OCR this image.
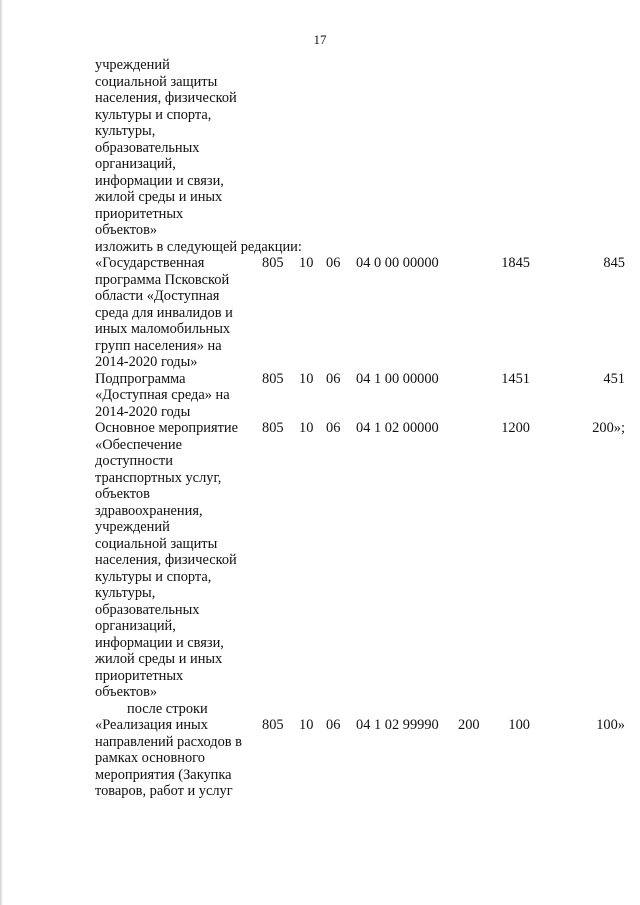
17
учреждений
социальной защиты
населения, физической
культуры и спорта,
культуры,
образовательных
организаций,
информации и связи,
жилой среды и иных
приоритетных
объектов»
изложить в следующей редакции:
«Государственная
программа Псковской
области «Доступная
среда для инвалидов и
иных маломобильных
групп населения» на
2014-2020 годы»
805 10 06 04 0 00 00000	1845	845
Подпрограмма
«Доступная среда» на
2014-2020 годы
805 10 06 04 1 00 00000	1451	451
Основное мероприятие
«Обеспечение
доступности
транспортных услуг,
объектов
здравоохранения,
учреждений
социальной защиты
населения, физической
культуры и спорта,
культуры,
образовательных
организаций,
информации и связи,
жилой среды и иных
приоритетных
объектов»
805 10 06 04 1 02 00000	1200	200»;
после строки
«Реализация иных
направлений расходов в
рамках основного
мероприятия (Закупка
товаров, работ и услуг
805 10 06 04 1 02 99990 200 100	100»
